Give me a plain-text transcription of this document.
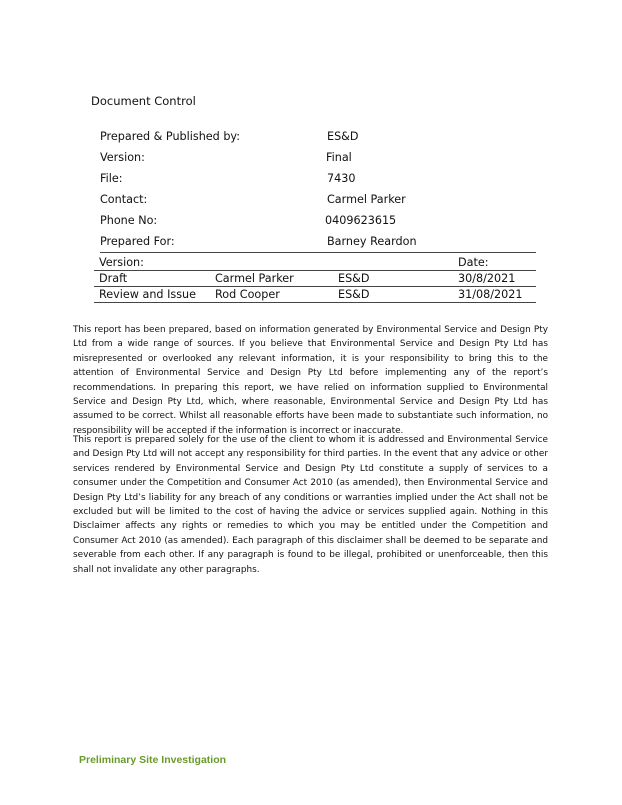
Document Control
Prepared & Published by:	ES&D
Version:	Final
File:	7430
Contact:	Carmel Parker
Phone No:	0409623615
Prepared For:	Barney Reardon
Version:			Date:
Draft	Carmel Parker	ES&D	30/8/2021
Review and Issue	Rod Cooper	ES&D	31/08/2021

This report has been prepared, based on information generated by Environmental Service and Design Pty Ltd from a wide range of sources. If you believe that Environmental Service and Design Pty Ltd has misrepresented or overlooked any relevant information, it is your responsibility to bring this to the attention of Environmental Service and Design Pty Ltd before implementing any of the report’s recommendations. In preparing this report, we have relied on information supplied to Environmental Service and Design Pty Ltd, which, where reasonable, Environmental Service and Design Pty Ltd has assumed to be correct. Whilst all reasonable efforts have been made to substantiate such information, no responsibility will be accepted if the information is incorrect or inaccurate.

This report is prepared solely for the use of the client to whom it is addressed and Environmental Service and Design Pty Ltd will not accept any responsibility for third parties. In the event that any advice or other services rendered by Environmental Service and Design Pty Ltd constitute a supply of services to a consumer under the Competition and Consumer Act 2010 (as amended), then Environmental Service and Design Pty Ltd’s liability for any breach of any conditions or warranties implied under the Act shall not be excluded but will be limited to the cost of having the advice or services supplied again. Nothing in this Disclaimer affects any rights or remedies to which you may be entitled under the Competition and Consumer Act 2010 (as amended). Each paragraph of this disclaimer shall be deemed to be separate and severable from each other. If any paragraph is found to be illegal, prohibited or unenforceable, then this shall not invalidate any other paragraphs.

Preliminary Site Investigation
